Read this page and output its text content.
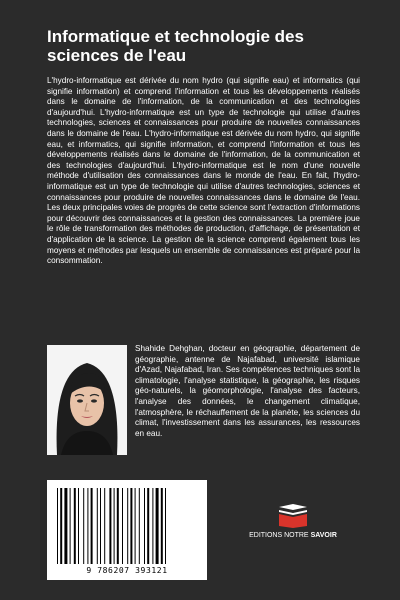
Informatique et technologie des sciences de l'eau

L'hydro-informatique est dérivée du nom hydro (qui signifie eau) et informatics (qui signifie information) et comprend l'information et tous les développements réalisés dans le domaine de l'information, de la communication et des technologies d'aujourd'hui. L'hydro-informatique est un type de technologie qui utilise d'autres technologies, sciences et connaissances pour produire de nouvelles connaissances dans le domaine de l'eau. L'hydro-informatique est dérivée du nom hydro, qui signifie eau, et informatics, qui signifie information, et comprend l'information et tous les développements réalisés dans le domaine de l'information, de la communication et des technologies d'aujourd'hui. L'hydro-informatique est le nom d'une nouvelle méthode d'utilisation des connaissances dans le monde de l'eau. En fait, l'hydro-informatique est un type de technologie qui utilise d'autres technologies, sciences et connaissances pour produire de nouvelles connaissances dans le domaine de l'eau. Les deux principales voies de progrès de cette science sont l'extraction d'informations pour découvrir des connaissances et la gestion des connaissances. La première joue le rôle de transformation des méthodes de production, d'affichage, de présentation et d'application de la science. La gestion de la science comprend également tous les moyens et méthodes par lesquels un ensemble de connaissances est préparé pour la consommation.

Shahide Dehghan, docteur en géographie, département de géographie, antenne de Najafabad, université islamique d'Azad, Najafabad, Iran. Ses compétences techniques sont la climatologie, l'analyse statistique, la géographie, les risques géo-naturels, la géomorphologie, l'analyse des facteurs, l'analyse des données, le changement climatique, l'atmosphère, le réchauffement de la planète, les sciences du climat, l'investissement dans les assurances, les ressources en eau.

9 786207 393121
EDITIONS NOTRE SAVOIR
